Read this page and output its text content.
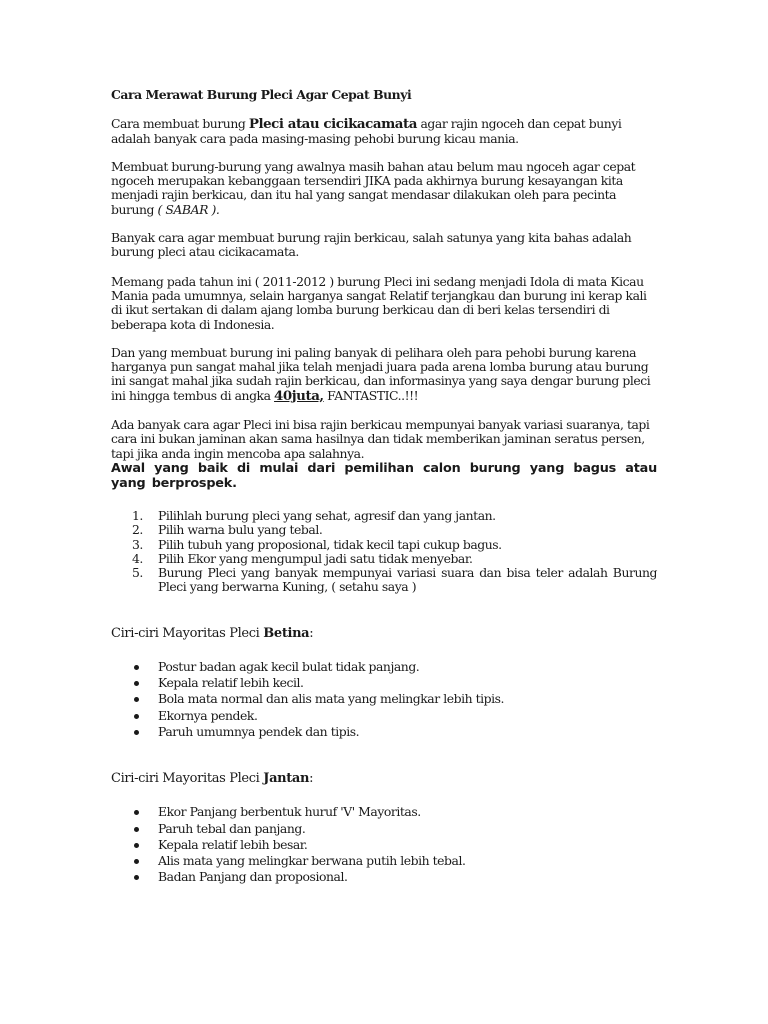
Cara Merawat Burung Pleci Agar Cepat Bunyi

Cara membuat burung Pleci atau cicikacamata agar rajin ngoceh dan cepat bunyi adalah banyak cara pada masing-masing pehobi burung kicau mania.

Membuat burung-burung yang awalnya masih bahan atau belum mau ngoceh agar cepat ngoceh merupakan kebanggaan tersendiri JIKA pada akhirnya burung kesayangan kita menjadi rajin berkicau, dan itu hal yang sangat mendasar dilakukan oleh para pecinta burung ( SABAR ).

Banyak cara agar membuat burung rajin berkicau, salah satunya yang kita bahas adalah burung pleci atau cicikacamata.

Memang pada tahun ini ( 2011-2012 ) burung Pleci ini sedang menjadi Idola di mata Kicau Mania pada umumnya, selain harganya sangat Relatif terjangkau dan burung ini kerap kali di ikut sertakan di dalam ajang lomba burung berkicau dan di beri kelas tersendiri di beberapa kota di Indonesia.

Dan yang membuat burung ini paling banyak di pelihara oleh para pehobi burung karena harganya pun sangat mahal jika telah menjadi juara pada arena lomba burung atau burung ini sangat mahal jika sudah rajin berkicau, dan informasinya yang saya dengar burung pleci ini hingga tembus di angka 40juta, FANTASTIC..!!!

Ada banyak cara agar Pleci ini bisa rajin berkicau mempunyai banyak variasi suaranya, tapi cara ini bukan jaminan akan sama hasilnya dan tidak memberikan jaminan seratus persen, tapi jika anda ingin mencoba apa salahnya.

Awal yang baik di mulai dari pemilihan calon burung yang bagus atau yang berprospek.

1. Pilihlah burung pleci yang sehat, agresif dan yang jantan.
2. Pilih warna bulu yang tebal.
3. Pilih tubuh yang proposional, tidak kecil tapi cukup bagus.
4. Pilih Ekor yang mengumpul jadi satu tidak menyebar.
5. Burung Pleci yang banyak mempunyai variasi suara dan bisa teler adalah Burung Pleci yang berwarna Kuning, ( setahu saya )

Ciri-ciri Mayoritas Pleci Betina:

Postur badan agak kecil bulat tidak panjang.
Kepala relatif lebih kecil.
Bola mata normal dan alis mata yang melingkar lebih tipis.
Ekornya pendek.
Paruh umumnya pendek dan tipis.

Ciri-ciri Mayoritas Pleci Jantan:

Ekor Panjang berbentuk huruf 'V' Mayoritas.
Paruh tebal dan panjang.
Kepala relatif lebih besar.
Alis mata yang melingkar berwana putih lebih tebal.
Badan Panjang dan proposional.
